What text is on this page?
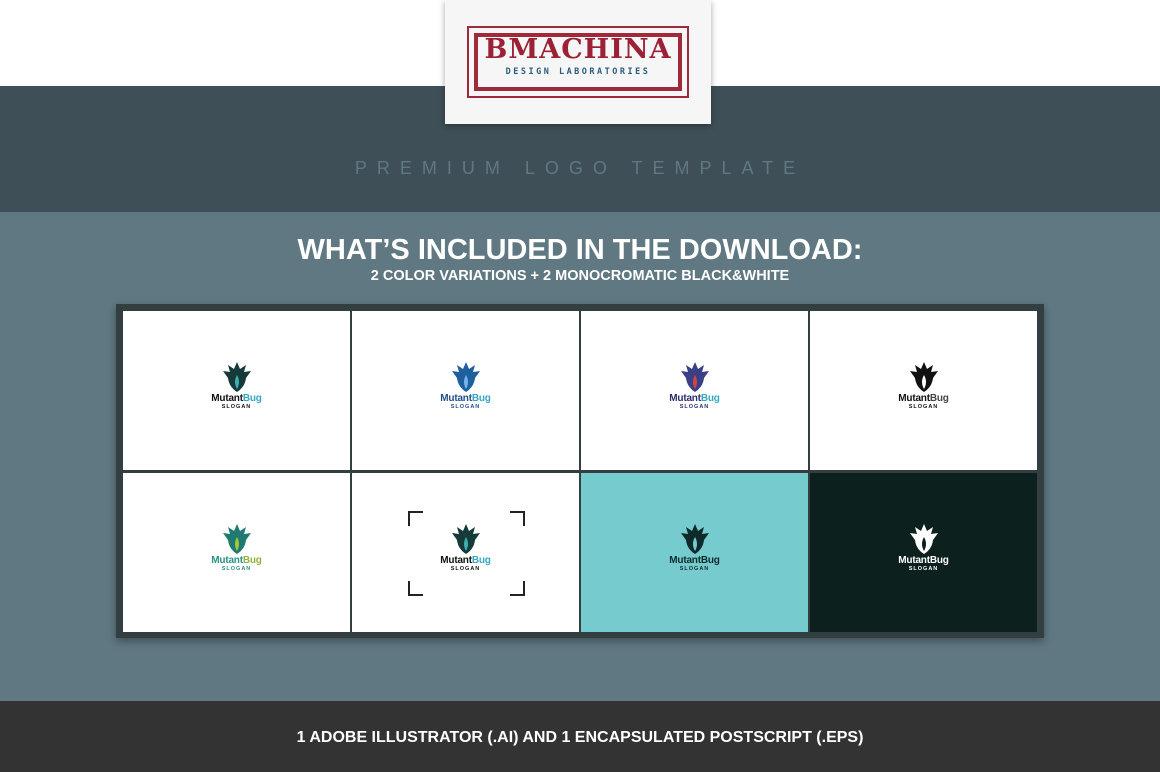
BMACHINA
DESIGN LABORATORIES
PREMIUM LOGO TEMPLATE
WHAT’S INCLUDED IN THE DOWNLOAD:
2 COLOR VARIATIONS + 2 MONOCROMATIC BLACK&WHITE
MutantBug
SLOGAN
MutantBug
SLOGAN
MutantBug
SLOGAN
MutantBug
SLOGAN
MutantBug
SLOGAN
MutantBug
SLOGAN
MutantBug
SLOGAN
MutantBug
SLOGAN
1 ADOBE ILLUSTRATOR (.AI) AND 1 ENCAPSULATED POSTSCRIPT (.EPS)
